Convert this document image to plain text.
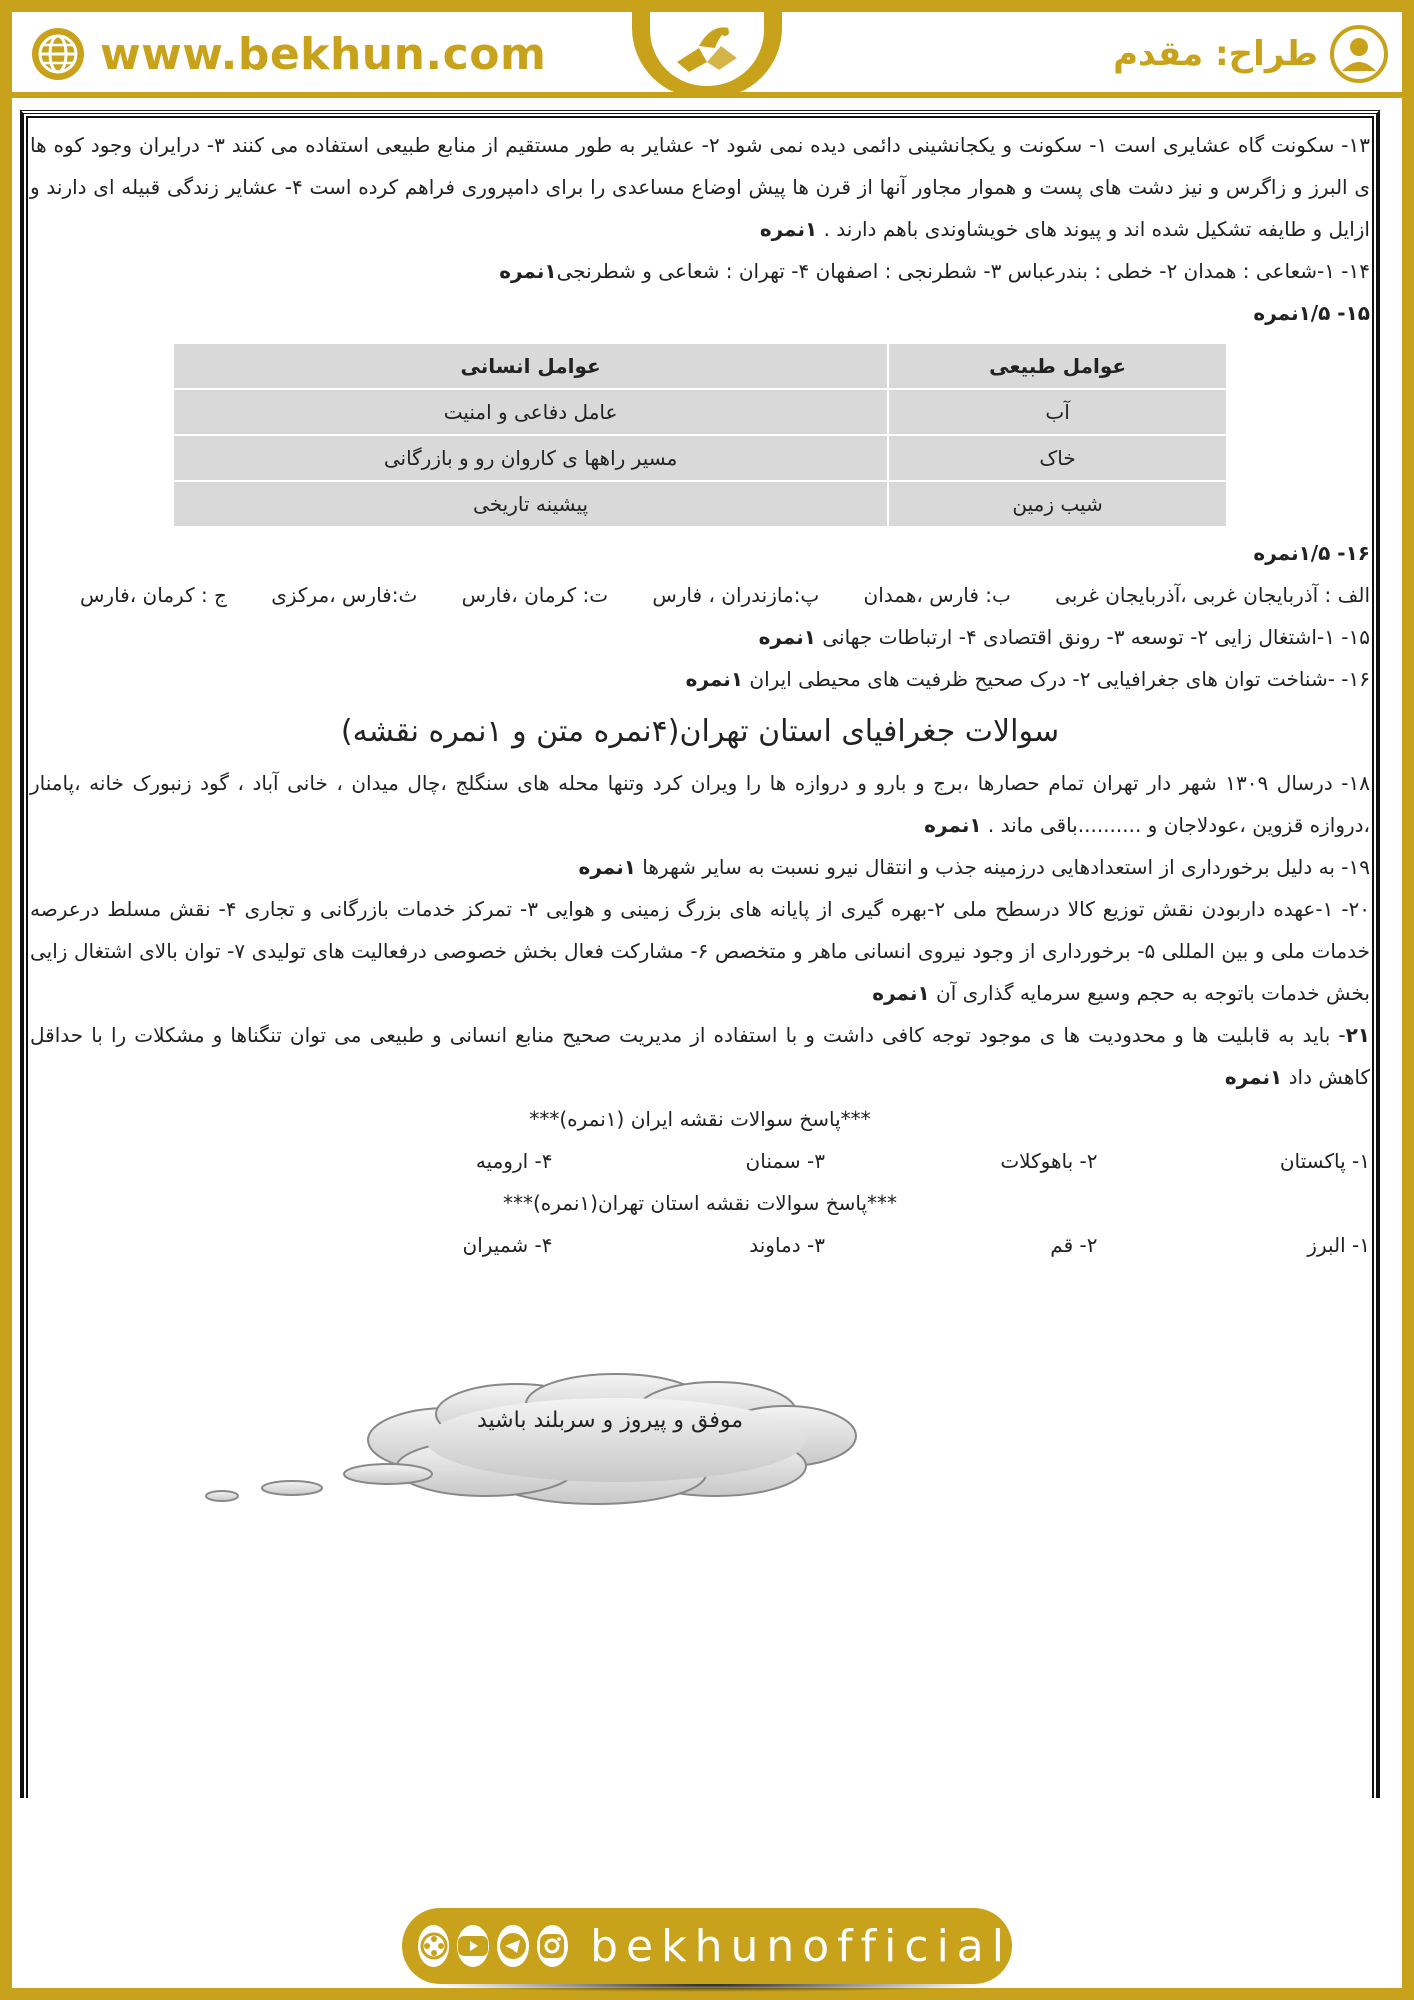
www.bekhun.com	طراح: مقدم

۱۳- سکونت گاه عشایری است ۱- سکونت و یکجانشینی دائمی دیده نمی شود ۲- عشایر به طور مستقیم از منابع طبیعی استفاده می کنند ۳- درایران وجود کوه ها ی البرز و زاگرس و نیز دشت های پست و هموار مجاور آنها از قرن ها پیش اوضاع مساعدی را برای دامپروری فراهم کرده است ۴- عشایر زندگی قبیله ای دارند و ازایل و طایفه تشکیل شده اند و پیوند های خویشاوندی باهم دارند . ۱نمره

۱۴- ۱-شعاعی : همدان ۲- خطی : بندرعباس ۳- شطرنجی : اصفهان ۴- تهران : شعاعی و شطرنجی۱نمره

۱۵- ۱/۵نمره

عوامل طبیعی	عوامل انسانی
آب	عامل دفاعی و امنیت
خاک	مسیر راهها ی کاروان رو و بازرگانی
شیب زمین	پیشینه تاریخی

۱۶- ۱/۵نمره

الف : آذربایجان غربی ،آذربایجان غربی
ب: فارس ،همدان
پ:مازندران ، فارس
ت: کرمان ،فارس
ث:فارس ،مرکزی
ج : کرمان ،فارس

۱۵- ۱-اشتغال زایی ۲- توسعه ۳- رونق اقتصادی ۴- ارتباطات جهانی ۱نمره

۱۶- -شناخت توان های جغرافیایی ۲- درک صحیح ظرفیت های محیطی ایران ۱نمره

سوالات جغرافیای استان تهران(۴نمره متن و ۱نمره نقشه)

۱۸- درسال ۱۳۰۹ شهر دار تهران تمام حصارها ،برج و بارو و دروازه ها را ویران کرد وتنها محله های سنگلج ،چال میدان ، خانی آباد ، گود زنبورک خانه ،پامنار ،دروازه قزوین ،عودلاجان و ..........باقی ماند . ۱نمره

۱۹- به دلیل برخورداری از استعدادهایی درزمینه جذب و انتقال نیرو نسبت به سایر شهرها ۱نمره

۲۰- ۱-عهده داربودن نقش توزیع کالا درسطح ملی ۲-بهره گیری از پایانه های بزرگ زمینی و هوایی ۳- تمرکز خدمات بازرگانی و تجاری ۴- نقش مسلط درعرصه خدمات ملی و بین المللی ۵- برخورداری از وجود نیروی انسانی ماهر و متخصص ۶- مشارکت فعال بخش خصوصی درفعالیت های تولیدی ۷- توان بالای اشتغال زایی بخش خدمات باتوجه به حجم وسیع سرمایه گذاری آن ۱نمره

۲۱- باید به قابلیت ها و محدودیت ها ی موجود توجه کافی داشت و با استفاده از مدیریت صحیح منابع انسانی و طبیعی می توان تنگناها و مشکلات را با حداقل کاهش داد ۱نمره

***پاسخ سوالات نقشه ایران (۱نمره)***
۱- پاکستان
۲- باهوکلات
۳- سمنان
۴- ارومیه
***پاسخ سوالات نقشه استان تهران(۱نمره)***
۱- البرز
۲- قم
۳- دماوند
۴- شمیران
موفق و پیروز و سربلند باشید
bekhunofficial
